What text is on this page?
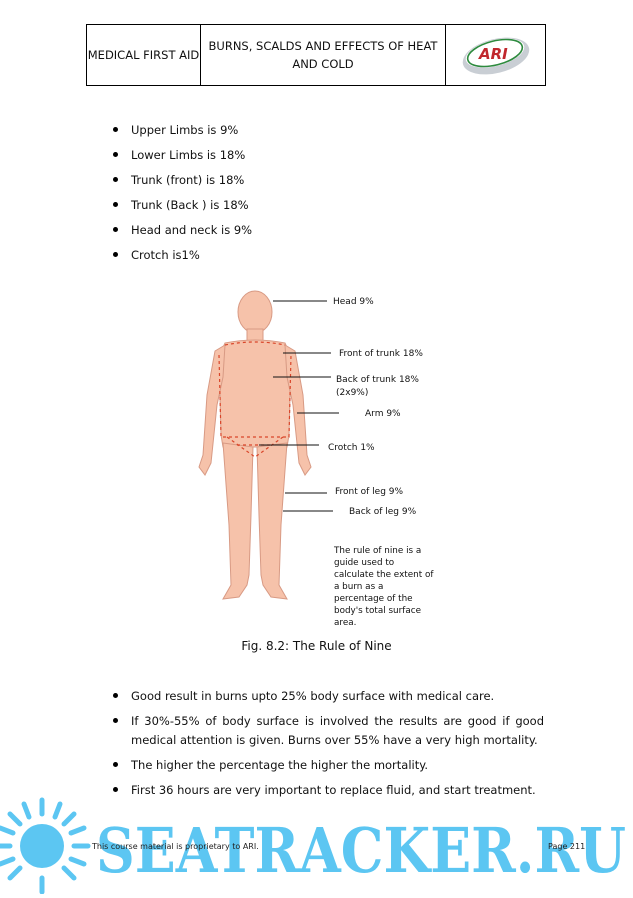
MEDICAL FIRST AID
BURNS, SCALDS AND EFFECTS OF HEAT AND COLD
ARI
Upper Limbs is 9%
Lower Limbs is 18%
Trunk (front) is 18%
Trunk (Back ) is 18%
Head and neck is 9%
Crotch is1%
Head 9%
Front of trunk 18%
Back of trunk 18%
(2x9%)
Arm 9%
Crotch 1%
Front of leg 9%
Back of leg 9%
The rule of nine is a
guide used to
calculate the extent of
a burn as a
percentage of the
body's total surface
area.
Fig. 8.2: The Rule of Nine
Good result in burns upto 25% body surface with medical care.
If 30%-55% of body surface is involved the results are good if good medical attention is given. Burns over 55% have a very high mortality.
The higher the percentage the higher the mortality.
First 36 hours are very important to replace fluid, and start treatment.
SEATRACKER.RU
This course material is proprietary to ARI.	Page 211
